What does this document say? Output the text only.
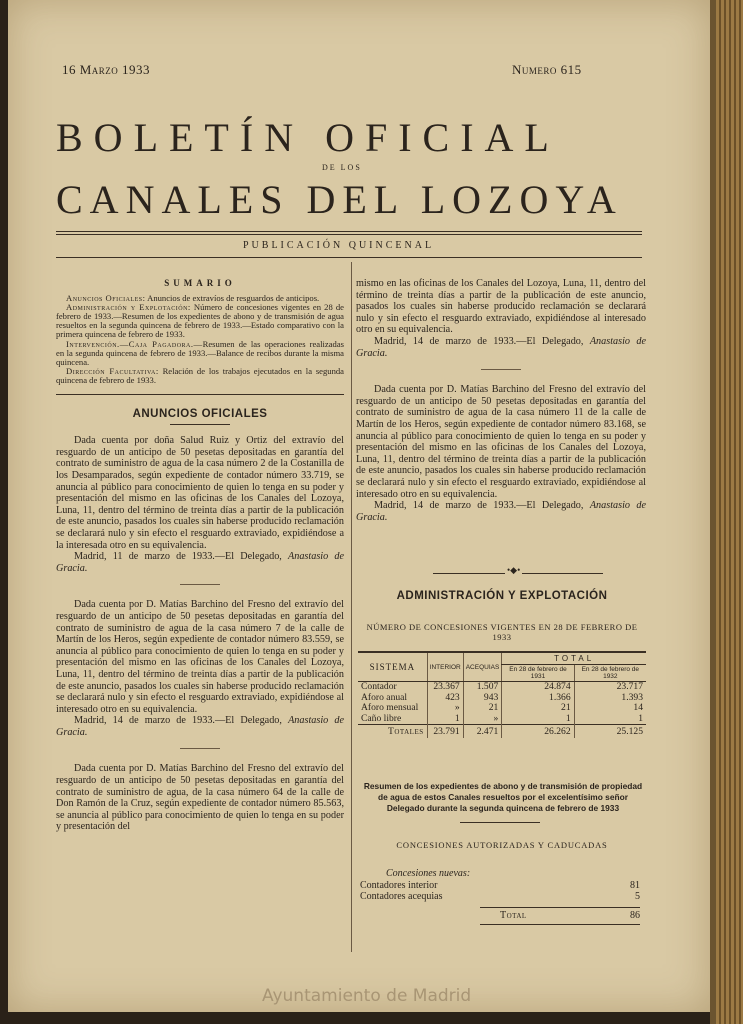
16 Marzo 1933	Numero 615
BOLETÍN OFICIAL
DE LOS
CANALES DEL LOZOYA
PUBLICACIÓN QUINCENAL
SUMARIO

Anuncios Oficiales: Anuncios de extravíos de resguardos de anticipos.

Administración y Explotación: Número de concesiones vigentes en 28 de febrero de 1933.—Resumen de los expedientes de abono y de transmisión de agua resueltos en la segunda quincena de febrero de 1933.—Estado comparativo con la primera quincena de febrero de 1933.

Intervención.—Caja Pagadora.—Resumen de las operaciones realizadas en la segunda quincena de febrero de 1933.—Balance de recibos durante la misma quincena.

Dirección Facultativa: Relación de los trabajos ejecutados en la segunda quincena de febrero de 1933.

ANUNCIOS OFICIALES

Dada cuenta por doña Salud Ruiz y Ortiz del extravío del resguardo de un anticipo de 50 pesetas depositadas en garantía del contrato de suministro de agua de la casa número 2 de la Costanilla de los Desamparados, según expediente de contador número 33.719, se anuncia al público para conocimiento de quien lo tenga en su poder y presentación del mismo en las oficinas de los Canales del Lozoya, Luna, 11, dentro del término de treinta días a partir de la publicación de este anuncio, pasados los cuales sin haberse producido reclamación se declarará nulo y sin efecto el resguardo extraviado, expidiéndose a la interesada otro en su equivalencia.

Madrid, 11 de marzo de 1933.—El Delegado, Anastasio de Gracia.

Dada cuenta por D. Matías Barchino del Fresno del extravío del resguardo de un anticipo de 50 pesetas depositadas en garantía del contrato de suministro de agua de la casa número 7 de la calle de Martín de los Heros, según expediente de contador número 83.559, se anuncia al público para conocimiento de quien lo tenga en su poder y presentación del mismo en las oficinas de los Canales del Lozoya, Luna, 11, dentro del término de treinta días a partir de la publicación de este anuncio, pasados los cuales sin haberse producido reclamación se declarará nulo y sin efecto el resguardo extraviado, expidiéndose al interesado otro en su equivalencia.

Madrid, 14 de marzo de 1933.—El Delegado, Anastasio de Gracia.

Dada cuenta por D. Matías Barchino del Fresno del extravío del resguardo de un anticipo de 50 pesetas depositadas en garantía del contrato de suministro de agua, de la casa número 64 de la calle de Don Ramón de la Cruz, según expediente de contador número 85.563, se anuncia al público para conocimiento de quien lo tenga en su poder y presentación del

mismo en las oficinas de los Canales del Lozoya, Luna, 11, dentro del término de treinta días a partir de la publicación de este anuncio, pasados los cuales sin haberse producido reclamación se declarará nulo y sin efecto el resguardo extraviado, expidiéndose al interesado otro en su equivalencia.

Madrid, 14 de marzo de 1933.—El Delegado, Anastasio de Gracia.

Dada cuenta por D. Matías Barchino del Fresno del extravío del resguardo de un anticipo de 50 pesetas depositadas en garantía del contrato de suministro de agua de la casa número 11 de la calle de Martín de los Heros, según expediente de contador número 83.168, se anuncia al público para conocimiento de quien lo tenga en su poder y presentación del mismo en las oficinas de los Canales del Lozoya, Luna, 11, dentro del término de treinta días a partir de la publicación de este anuncio, pasados los cuales sin haberse producido reclamación se declarará nulo y sin efecto el resguardo extraviado, expidiéndose al interesado otro en su equivalencia.

Madrid, 14 de marzo de 1933.—El Delegado, Anastasio de Gracia.

•◆•
ADMINISTRACIÓN Y EXPLOTACIÓN
NÚMERO DE CONCESIONES VIGENTES EN 28 DE FEBRERO DE 1933
SISTEMA	INTERIOR	ACEQUIAS	TOTAL	
			En 28 de febrero de 1931	En 28 de febrero de 1932
Contador	23.367	1.507	24.874	23.717
Aforo anual	423	943	1.366	1.393
Aforo mensual	»	21	21	14
Caño libre	1	»	1	1
Totales	23.791	2.471	26.262	25.125
Resumen de los expedientes de abono y de transmisión de propiedad de agua de estos Canales resueltos por el excelentísimo señor Delegado durante la segunda quincena de febrero de 1933
CONCESIONES AUTORIZADAS Y CADUCADAS
Concesiones nuevas:
Contadores interior	81
Contadores acequias	5
Total	86
Ayuntamiento de Madrid
